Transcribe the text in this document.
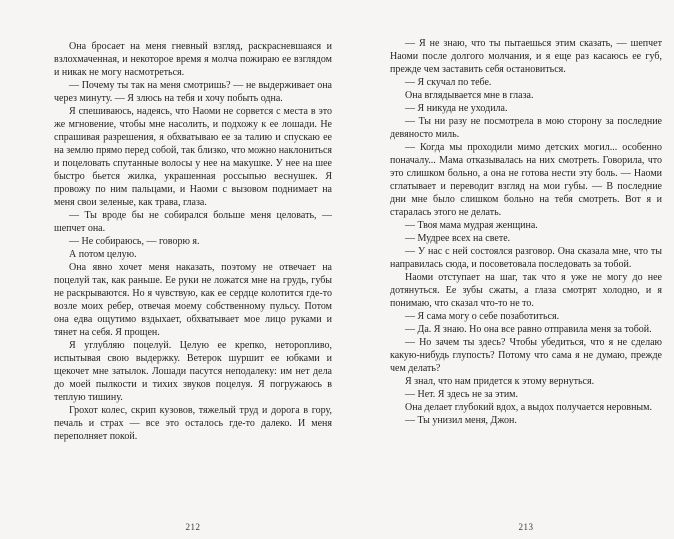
Она бросает на меня гневный взгляд, раскрасневшаяся и взлохмаченная, и некоторое время я молча пожираю ее взглядом и никак не могу насмотреться.

— Почему ты так на меня смотришь? — не выдерживает она через минуту. — Я злюсь на тебя и хочу побыть одна.

Я спешиваюсь, надеясь, что Наоми не сорвется с места в это же мгновение, чтобы мне насолить, и подхожу к ее лошади. Не спрашивая разрешения, я обхватываю ее за талию и спускаю ее на землю прямо перед собой, так близко, что можно наклониться и поцеловать спутанные волосы у нее на макушке. У нее на шее быстро бьется жилка, украшенная россыпью веснушек. Я провожу по ним пальцами, и Наоми с вызовом поднимает на меня свои зеленые, как трава, глаза.

— Ты вроде бы не собирался больше меня целовать, — шепчет она.

— Не собираюсь, — говорю я.

А потом целую.

Она явно хочет меня наказать, поэтому не отвечает на поцелуй так, как раньше. Ее руки не ложатся мне на грудь, губы не раскрываются. Но я чувствую, как ее сердце колотится где-то возле моих ребер, отвечая моему собственному пульсу. Потом она едва ощутимо вздыхает, обхватывает мое лицо руками и тянет на себя. Я прощен.

Я углубляю поцелуй. Целую ее крепко, неторопливо, испытывая свою выдержку. Ветерок шуршит ее юбками и щекочет мне затылок. Лошади пасутся неподалеку: им нет дела до моей пылкости и тихих звуков поцелуя. Я погружаюсь в теплую тишину.

Грохот колес, скрип кузовов, тяжелый труд и дорога в гору, печаль и страх — все это осталось где-то далеко. И меня переполняет покой.

212

— Я не знаю, что ты пытаешься этим сказать, — шепчет Наоми после долгого молчания, и я еще раз касаюсь ее губ, прежде чем заставить себя остановиться.

— Я скучал по тебе.

Она вглядывается мне в глаза.

— Я никуда не уходила.

— Ты ни разу не посмотрела в мою сторону за последние девяносто миль.

— Когда мы проходили мимо детских могил... особенно поначалу... Мама отказывалась на них смотреть. Говорила, что это слишком больно, а она не готова нести эту боль. — Наоми сглатывает и переводит взгляд на мои губы. — В последние дни мне было слишком больно на тебя смотреть. Вот я и старалась этого не делать.

— Твоя мама мудрая женщина.

— Мудрее всех на свете.

— У нас с ней состоялся разговор. Она сказала мне, что ты направилась сюда, и посоветовала последовать за тобой.

Наоми отступает на шаг, так что я уже не могу до нее дотянуться. Ее зубы сжаты, а глаза смотрят холодно, и я понимаю, что сказал что-то не то.

— Я сама могу о себе позаботиться.

— Да. Я знаю. Но она все равно отправила меня за тобой.

— Но зачем ты здесь? Чтобы убедиться, что я не сделаю какую-нибудь глупость? Потому что сама я не думаю, прежде чем делать?

Я знал, что нам придется к этому вернуться.

— Нет. Я здесь не за этим.

Она делает глубокий вдох, а выдох получается неровным.

— Ты унизил меня, Джон.

213
